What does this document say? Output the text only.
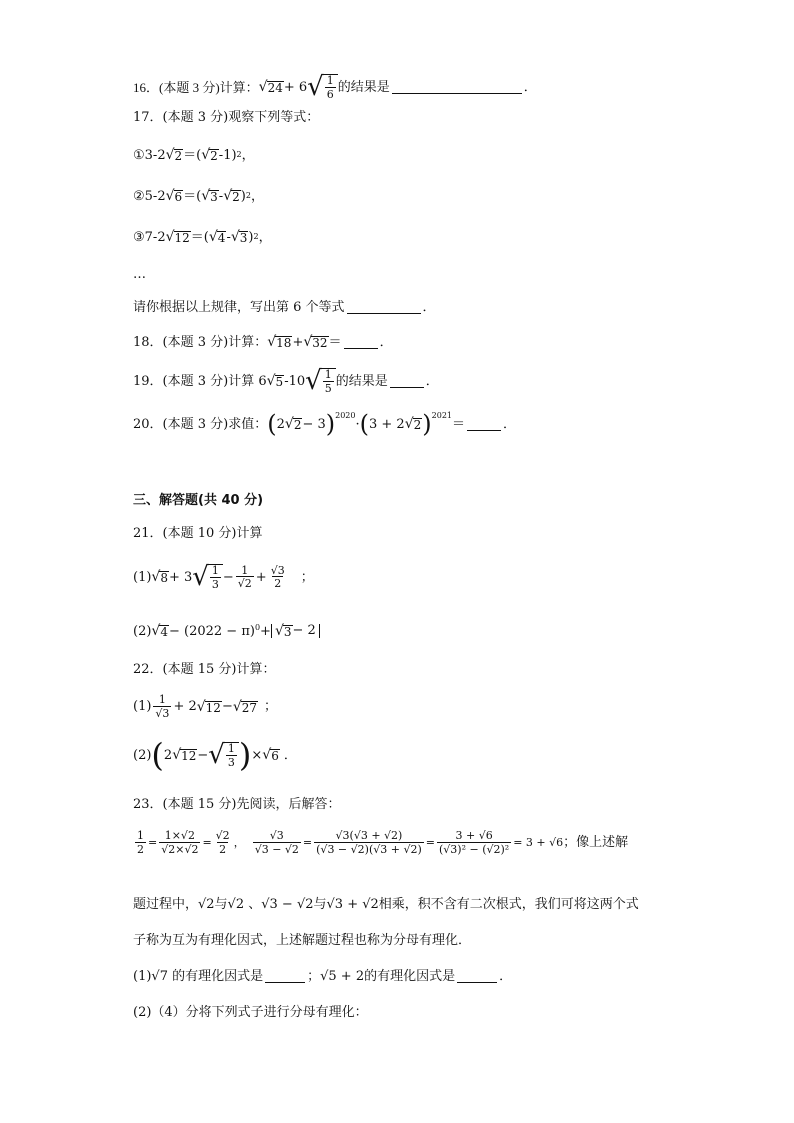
16．(本题 3 分)计算： √ 24 + 6 √ $\frac{1}{6}$ 的结果是	．
17．(本题 3 分)观察下列等式：
①3-2 √ 2 ＝( √ 2 -1) 2 ，
②5-2 √ 6 ＝( √ 3 - √ 2 ) 2 ，
③7-2 √ 12 ＝( √ 4 - √ 3 ) 2 ，
…
请你根据以上规律，写出第 6 个等式	．
18．(本题 3 分)计算： √ 18 + √ 32 ＝	．
19．(本题 3 分)计算 6 √ 5 -10 √ $\frac{1}{5}$ 的结果是	．
20．(本题 3 分)求值： ( 2 √ 2 − 3 )$^{2020}$
· ( 3 + 2 √ 2 )$^{2021}$
＝	．
三、解答题(共 40 分)
21．(本题 10 分)计算
(1) √ 8 + 3 √ $\frac{1}{3} - \frac{1}{√2} + \frac{√3}{2}$ ；
(2) √ $4 - (2022 - \pi)^0$ + √ 3 − 2
22．(本题 15 分)计算：
$(1) \frac{1}{√3} + 2$ √ 12 − √ 27 ；
(2) ( 2 √ 12 − √ $\frac{1}{3}$ ) × √ 6 ．
23．(本题 15 分)先阅读，后解答：
$\frac{1}{2} = \frac{1\times√2}{√2\times√2} = \frac{√2}{2}$ ， $\frac{√3}{√3 - √2} = \frac{√3(√3 + √2)}{(√3 - √2)(√3 + √2)} = \frac{3 + √6}{\text{(√3)² − (√2)²}} = 3 + √6$ ；像上述解
题过程中，√2与√2 、√3 − √2与√3 + √2相乘，积不含有二次根式，我们可将这两个式
子称为互为有理化因式，上述解题过程也称为分母有理化．
(1)√7 的有理化因式是	； √5 + 2的有理化因式是	．
(2)（4）分将下列式子进行分母有理化：
